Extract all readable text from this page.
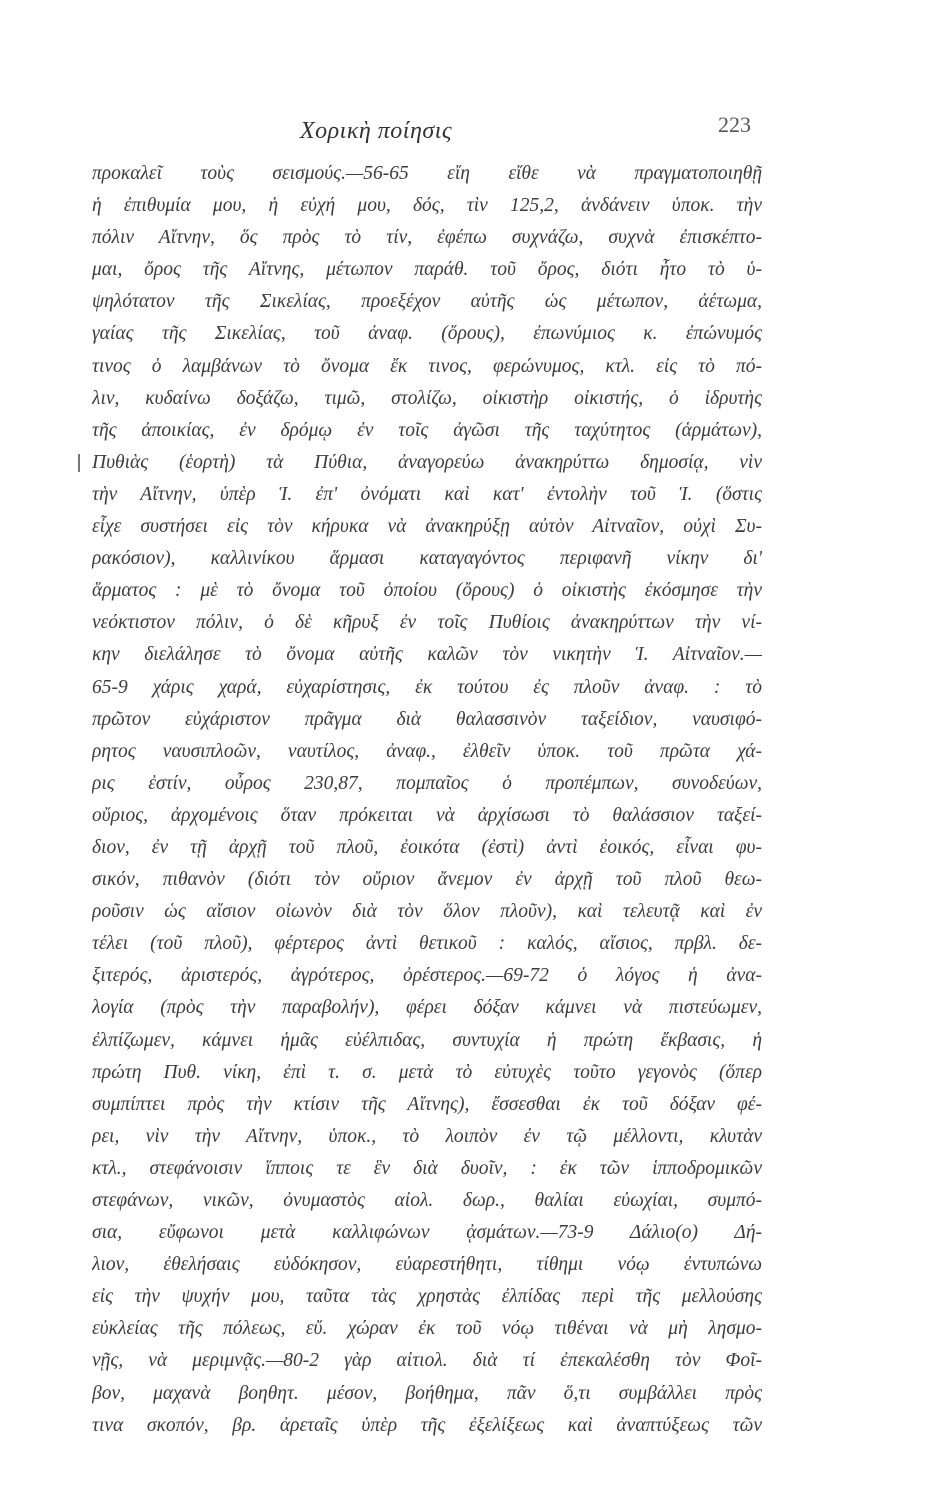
Χορικὴ ποίησις	223
προκαλεῖ τοὺς σεισμούς.—56-65 εἴη εἴθε νὰ πραγματοποιηθῇ
ἡ ἐπιθυμία μου, ἡ εὐχή μου, δός, τὶν 125,2, ἁνδάνειν ὑποκ. τὴν
πόλιν Αἴτνην, ὅς πρὸς τὸ τίν, ἐφέπω συχνάζω, συχνὰ ἐπισκέπτο-
μαι, ὄρος τῆς Αἴτνης, μέτωπον παράθ. τοῦ ὄρος, διότι ἦτο τὸ ὑ-
ψηλότατον τῆς Σικελίας, προεξέχον αὐτῆς ὡς μέτωπον, ἀέτωμα,
γαίας τῆς Σικελίας, τοῦ ἀναφ. (ὄρους), ἐπωνύμιος κ. ἐπώνυμός
τινος ὁ λαμβάνων τὸ ὄνομα ἔκ τινος, φερώνυμος, κτλ. εἰς τὸ πό-
λιν, κυδαίνω δοξάζω, τιμῶ, στολίζω, οἰκιστὴρ οἰκιστής, ὁ ἱδρυτὴς
τῆς ἀποικίας, ἐν δρόμῳ ἐν τοῖς ἀγῶσι τῆς ταχύτητος (ἁρμάτων),
Πυθιὰς (ἑορτὴ) τὰ Πύθια, ἀναγορεύω ἀνακηρύττω δημοσίᾳ, νὶν
τὴν Αἴτνην, ὑπὲρ Ἱ. ἐπ' ὀνόματι καὶ κατ' ἐντολὴν τοῦ Ἱ. (ὅστις
εἶχε συστήσει εἰς τὸν κήρυκα νὰ ἀνακηρύξῃ αὐτὸν Αἰτναῖον, οὐχὶ Συ-
ρακόσιον), καλλινίκου ἅρμασι καταγαγόντος περιφανῆ νίκην δι'
ἅρματος : μὲ τὸ ὄνομα τοῦ ὁποίου (ὄρους) ὁ οἰκιστὴς ἐκόσμησε τὴν
νεόκτιστον πόλιν, ὁ δὲ κῆρυξ ἐν τοῖς Πυθίοις ἀνακηρύττων τὴν νί-
κην διελάλησε τὸ ὄνομα αὐτῆς καλῶν τὸν νικητὴν Ἱ. Αἰτναῖον.—
65-9 χάρις χαρά, εὐχαρίστησις, ἐκ τούτου ἐς πλοῦν ἀναφ. : τὸ
πρῶτον εὐχάριστον πρᾶγμα διὰ θαλασσινὸν ταξείδιον, ναυσιφό-
ρητος ναυσιπλοῶν, ναυτίλος, ἀναφ., ἐλθεῖν ὑποκ. τοῦ πρῶτα χά-
ρις ἐστίν, οὖρος 230,87, πομπαῖος ὁ προπέμπων, συνοδεύων,
οὔριος, ἀρχομένοις ὅταν πρόκειται νὰ ἀρχίσωσι τὸ θαλάσσιον ταξεί-
διον, ἐν τῇ ἀρχῇ τοῦ πλοῦ, ἐοικότα (ἐστὶ) ἀντὶ ἐοικός, εἶναι φυ-
σικόν, πιθανὸν (διότι τὸν οὔριον ἄνεμον ἐν ἀρχῇ τοῦ πλοῦ θεω-
ροῦσιν ὡς αἴσιον οἰωνὸν διὰ τὸν ὅλον πλοῦν), καὶ τελευτᾷ καὶ ἐν
τέλει (τοῦ πλοῦ), φέρτερος ἀντὶ θετικοῦ : καλός, αἴσιος, πρβλ. δε-
ξιτερός, ἀριστερός, ἀγρότερος, ὀρέστερος.—69-72 ὁ λόγος ἡ ἀνα-
λογία (πρὸς τὴν παραβολήν), φέρει δόξαν κάμνει νὰ πιστεύωμεν,
ἐλπίζωμεν, κάμνει ἡμᾶς εὐέλπιδας, συντυχία ἡ πρώτη ἔκβασις, ἡ
πρώτη Πυθ. νίκη, ἐπὶ τ. σ. μετὰ τὸ εὐτυχὲς τοῦτο γεγονὸς (ὅπερ
συμπίπτει πρὸς τὴν κτίσιν τῆς Αἴτνης), ἔσσεσθαι ἐκ τοῦ δόξαν φέ-
ρει, νὶν τὴν Αἴτνην, ὑποκ., τὸ λοιπὸν ἐν τῷ μέλλοντι, κλυτὰν
κτλ., στεφάνοισιν ἵπποις τε ἓν διὰ δυοῖν, : ἐκ τῶν ἱπποδρομικῶν
στεφάνων, νικῶν, ὀνυμαστὸς αἰολ. δωρ., θαλίαι εὐωχίαι, συμπό-
σια, εὔφωνοι μετὰ καλλιφώνων ᾀσμάτων.—73-9 Δάλιο(ο) Δή-
λιον, ἐθελήσαις εὐδόκησον, εὐαρεστήθητι, τίθημι νόῳ ἐντυπώνω
εἰς τὴν ψυχήν μου, ταῦτα τὰς χρηστὰς ἐλπίδας περὶ τῆς μελλούσης
εὐκλείας τῆς πόλεως, εὔ. χώραν ἐκ τοῦ νόῳ τιθέναι νὰ μὴ λησμο-
νῇς, νὰ μεριμνᾷς.—80-2 γὰρ αἰτιολ. διὰ τί ἐπεκαλέσθη τὸν Φοῖ-
βον, μαχανὰ βοηθητ. μέσον, βοήθημα, πᾶν ὅ,τι συμβάλλει πρὸς
τινα σκοπόν, βρ. ἀρεταῖς ὑπὲρ τῆς ἐξελίξεως καὶ ἀναπτύξεως τῶν
